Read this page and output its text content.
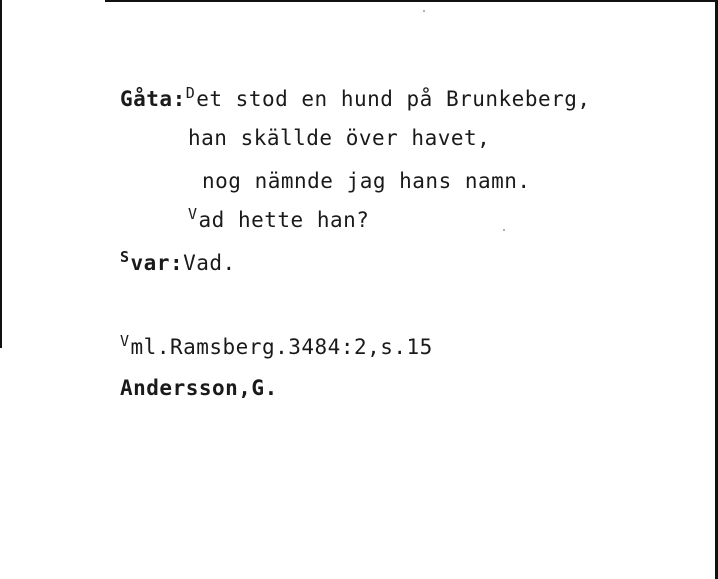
Gåta:$^D$et stod en hund på Brunkeberg,
han skällde över havet,
nog nämnde jag hans namn.
$^V$ad hette han?
$^S$var:Vad.
$^V$ml.Ramsberg.3484:2,s.15
Andersson,G.
